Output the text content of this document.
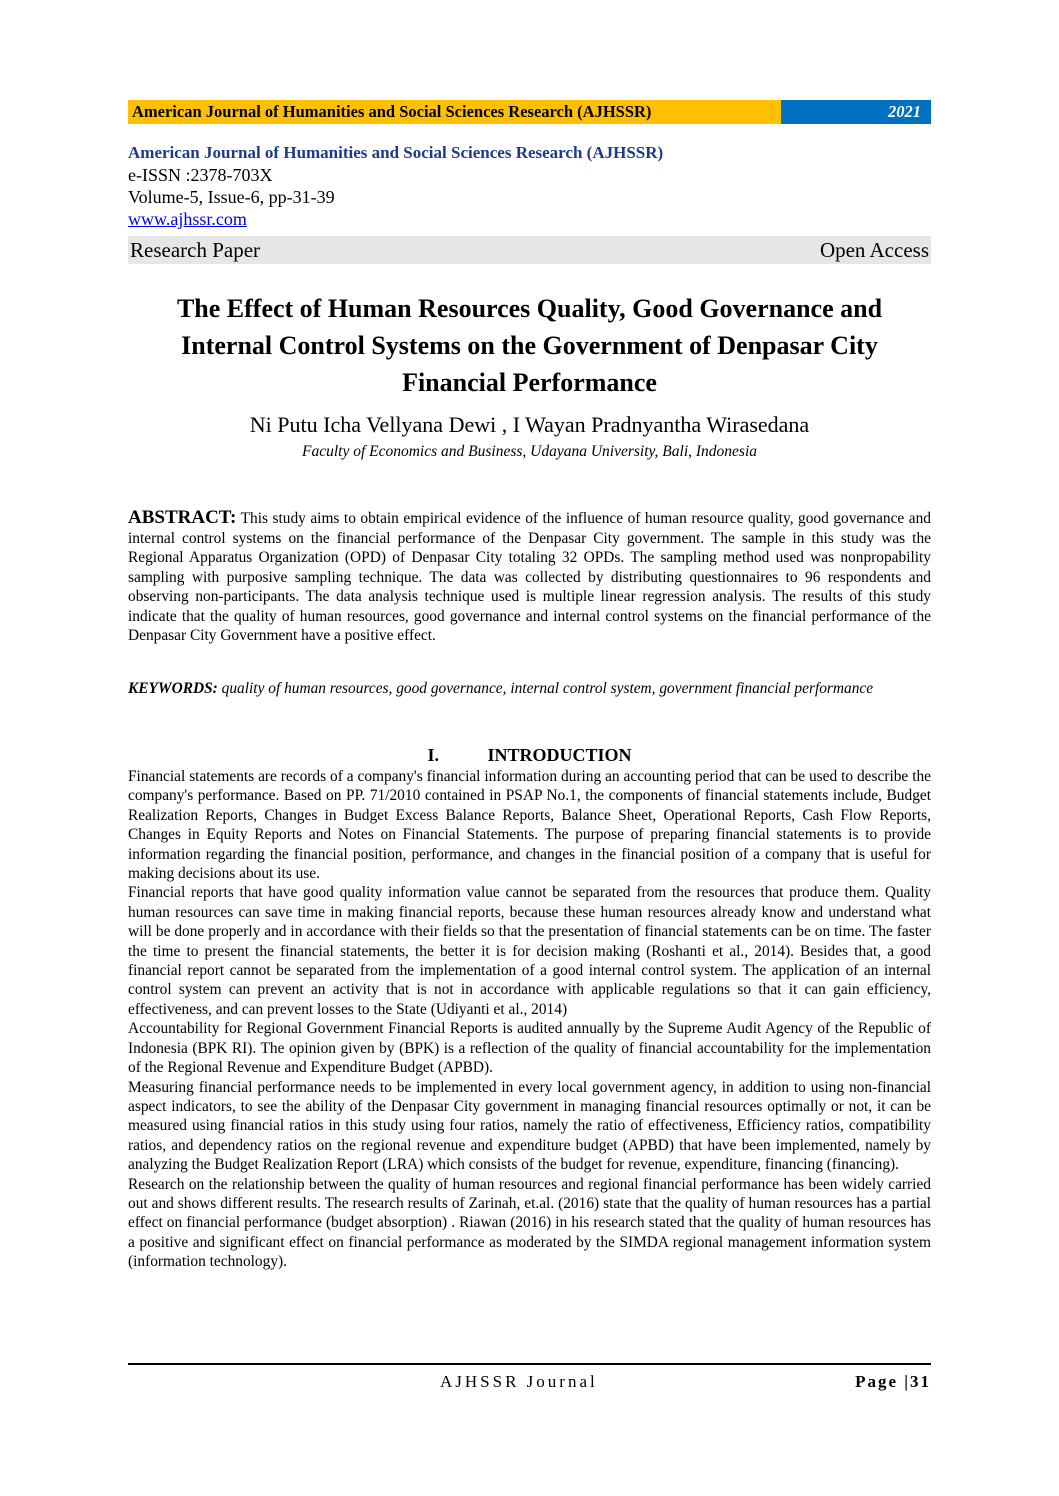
American Journal of Humanities and Social Sciences Research (AJHSSR)	2021
American Journal of Humanities and Social Sciences Research (AJHSSR)
e-ISSN :2378-703X
Volume-5, Issue-6, pp-31-39
www.ajhssr.com
Research Paper	Open Access
The Effect of Human Resources Quality, Good Governance and
Internal Control Systems on the Government of Denpasar City
Financial Performance
Ni Putu Icha Vellyana Dewi , I Wayan Pradnyantha Wirasedana
Faculty of Economics and Business, Udayana University, Bali, Indonesia
ABSTRACT: This study aims to obtain empirical evidence of the influence of human resource quality, good governance and internal control systems on the financial performance of the Denpasar City government. The sample in this study was the Regional Apparatus Organization (OPD) of Denpasar City totaling 32 OPDs. The sampling method used was nonpropability sampling with purposive sampling technique. The data was collected by distributing questionnaires to 96 respondents and observing non-participants. The data analysis technique used is multiple linear regression analysis. The results of this study indicate that the quality of human resources, good governance and internal control systems on the financial performance of the Denpasar City Government have a positive effect.
KEYWORDS: quality of human resources, good governance, internal control system, government financial performance
I.	INTRODUCTION

Financial statements are records of a company's financial information during an accounting period that can be used to describe the company's performance. Based on PP. 71/2010 contained in PSAP No.1, the components of financial statements include, Budget Realization Reports, Changes in Budget Excess Balance Reports, Balance Sheet, Operational Reports, Cash Flow Reports, Changes in Equity Reports and Notes on Financial Statements. The purpose of preparing financial statements is to provide information regarding the financial position, performance, and changes in the financial position of a company that is useful for making decisions about its use.

Financial reports that have good quality information value cannot be separated from the resources that produce them. Quality human resources can save time in making financial reports, because these human resources already know and understand what will be done properly and in accordance with their fields so that the presentation of financial statements can be on time. The faster the time to present the financial statements, the better it is for decision making (Roshanti et al., 2014). Besides that, a good financial report cannot be separated from the implementation of a good internal control system. The application of an internal control system can prevent an activity that is not in accordance with applicable regulations so that it can gain efficiency, effectiveness, and can prevent losses to the State (Udiyanti et al., 2014)

Accountability for Regional Government Financial Reports is audited annually by the Supreme Audit Agency of the Republic of Indonesia (BPK RI). The opinion given by (BPK) is a reflection of the quality of financial accountability for the implementation of the Regional Revenue and Expenditure Budget (APBD).

Measuring financial performance needs to be implemented in every local government agency, in addition to using non-financial aspect indicators, to see the ability of the Denpasar City government in managing financial resources optimally or not, it can be measured using financial ratios in this study using four ratios, namely the ratio of effectiveness, Efficiency ratios, compatibility ratios, and dependency ratios on the regional revenue and expenditure budget (APBD) that have been implemented, namely by analyzing the Budget Realization Report (LRA) which consists of the budget for revenue, expenditure, financing (financing).

Research on the relationship between the quality of human resources and regional financial performance has been widely carried out and shows different results. The research results of Zarinah, et.al. (2016) state that the quality of human resources has a partial effect on financial performance (budget absorption) . Riawan (2016) in his research stated that the quality of human resources has a positive and significant effect on financial performance as moderated by the SIMDA regional management information system (information technology).

AJHSSR Journal	Page |31
